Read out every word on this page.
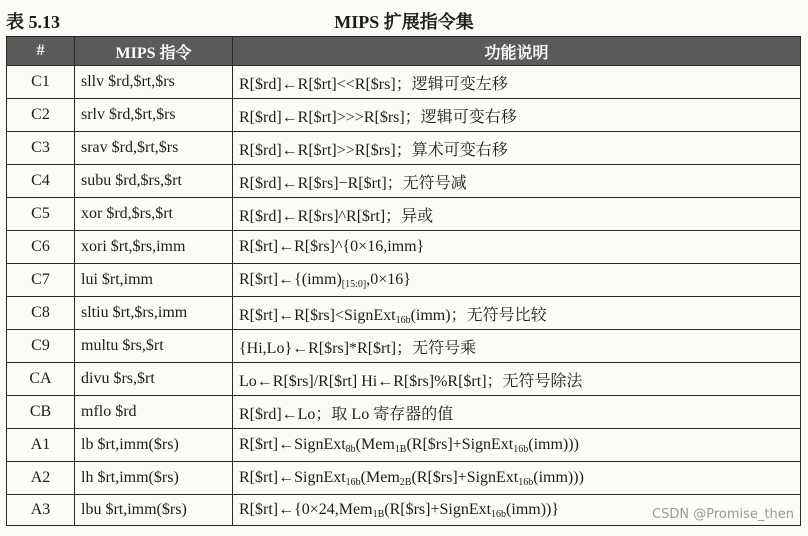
表 5.13	MIPS 扩展指令集
#	MIPS 指令	功能说明
C1	sllv $rd,$rt,$rs	R[$rd]←R[$rt]<<R[$rs]；逻辑可变左移
C2	srlv $rd,$rt,$rs	R[$rd]←R[$rt]>>>R[$rs]；逻辑可变右移
C3	srav $rd,$rt,$rs	R[$rd]←R[$rt]>>R[$rs]；算术可变右移
C4	subu $rd,$rs,$rt	R[$rd]←R[$rs]−R[$rt]；无符号减
C5	xor $rd,$rs,$rt	R[$rd]←R[$rs]^R[$rt]；异或
C6	xori $rt,$rs,imm	R[$rt]←R[$rs]^{0×16,imm}
C7	lui $rt,imm	$R[\$rt]\leftarrow\{(imm)_{[15:0]},0\times 16\}$
C8	sltiu $rt,$rs,imm	R[$rt]←R[$rs]<SignExt$_{16b}$(imm)；无符号比较
C9	multu $rs,$rt	{Hi,Lo}←R[$rs]*R[$rt]；无符号乘
CA	divu $rs,$rt	Lo←R[$rs]/R[$rt] Hi←R[$rs]%R[$rt]；无符号除法
CB	mflo $rd	R[$rd]←Lo；取 Lo 寄存器的值
A1	lb $rt,imm($rs)	R[$rt]←SignExt$_{8b}$(Mem$_{1B}$(R[$rs]+SignExt$_{16b}$(imm)))
A2	lh $rt,imm($rs)	R[$rt]←SignExt$_{16b}$(Mem$_{2B}$(R[$rs]+SignExt$_{16b}$(imm)))
A3	lbu $rt,imm($rs)	R[$rt]←{0×24,Mem$_{1B}$(R[$rs]+SignExt$_{16b}$(imm))}	CSDN @Promise_then
